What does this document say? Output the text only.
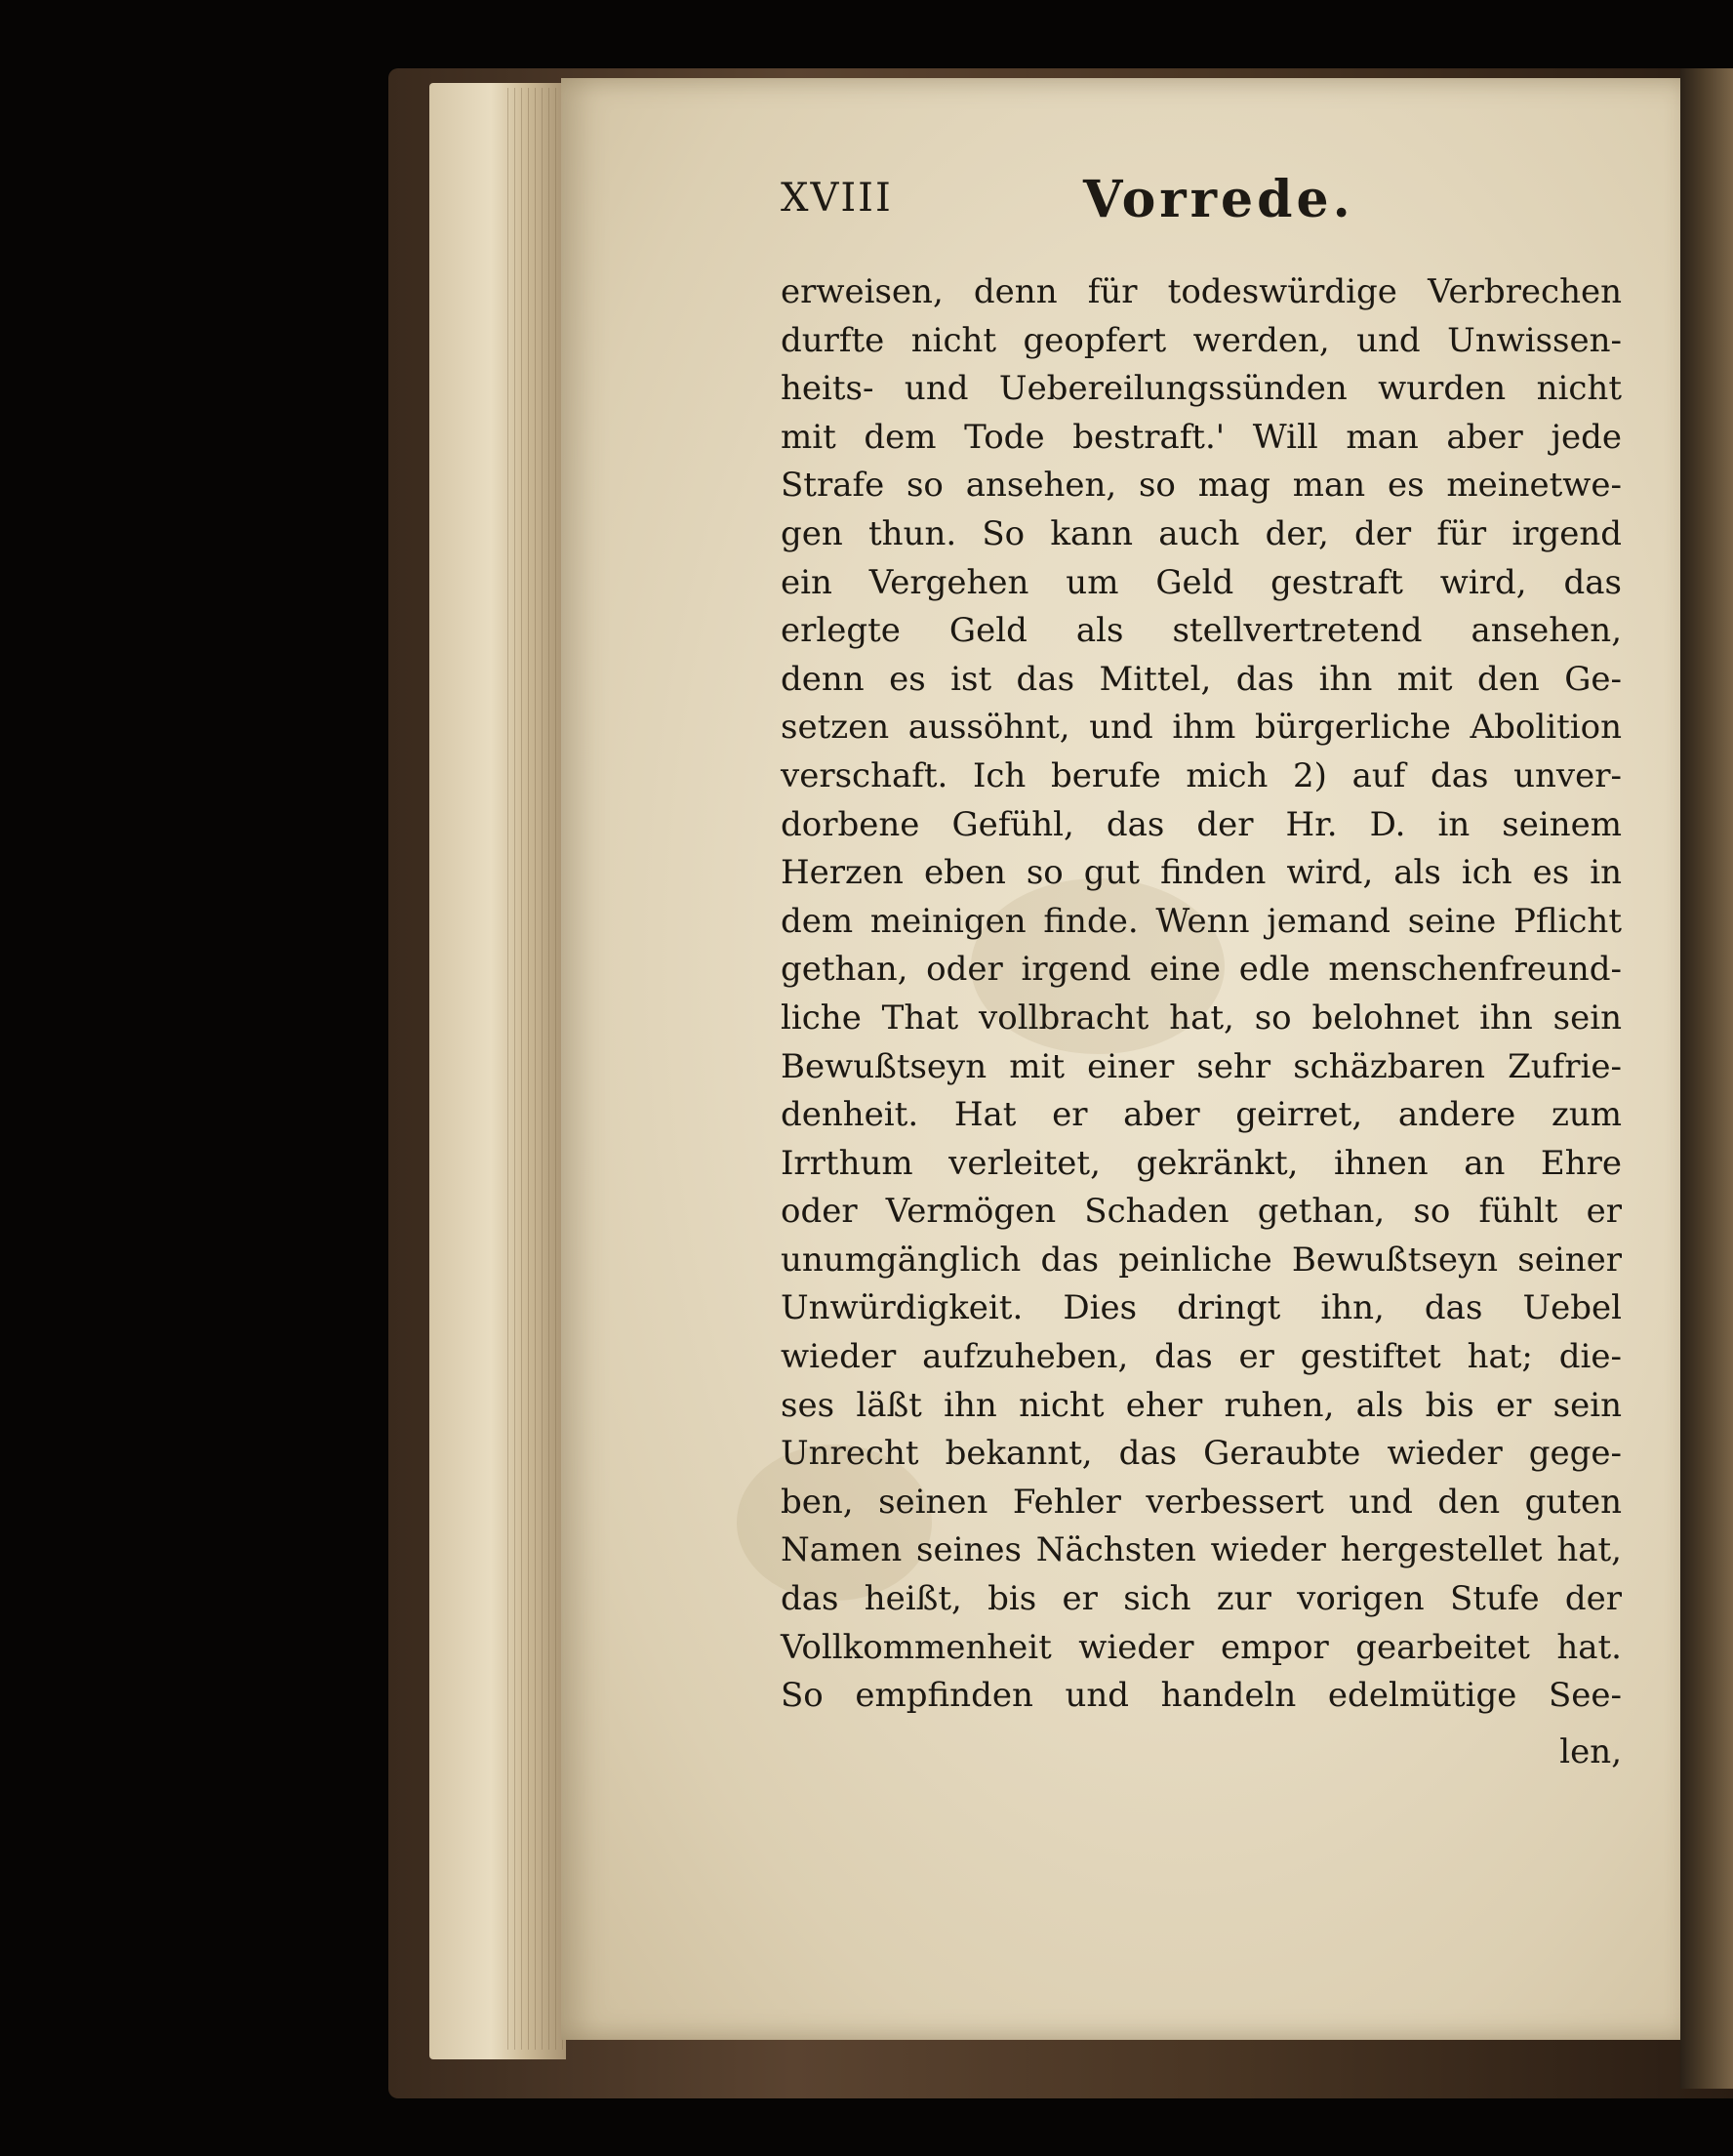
XVIII	Vorrede.
erweisen, denn für todeswürdige Verbrechen
durfte nicht geopfert werden, und Unwissen-
heits- und Uebereilungssünden wurden nicht
mit dem Tode bestraft.' Will man aber jede
Strafe so ansehen, so mag man es meinetwe-
gen thun. So kann auch der, der für irgend
ein Vergehen um Geld gestraft wird, das
erlegte Geld als stellvertretend ansehen,
denn es ist das Mittel, das ihn mit den Ge-
setzen aussöhnt, und ihm bürgerliche Abolition
verschaft. Ich berufe mich 2) auf das unver-
dorbene Gefühl, das der Hr. D. in seinem
Herzen eben so gut finden wird, als ich es in
dem meinigen finde. Wenn jemand seine Pflicht
gethan, oder irgend eine edle menschenfreund-
liche That vollbracht hat, so belohnet ihn sein
Bewußtseyn mit einer sehr schäzbaren Zufrie-
denheit. Hat er aber geirret, andere zum
Irrthum verleitet, gekränkt, ihnen an Ehre
oder Vermögen Schaden gethan, so fühlt er
unumgänglich das peinliche Bewußtseyn seiner
Unwürdigkeit. Dies dringt ihn, das Uebel
wieder aufzuheben, das er gestiftet hat; die-
ses läßt ihn nicht eher ruhen, als bis er sein
Unrecht bekannt, das Geraubte wieder gege-
ben, seinen Fehler verbessert und den guten
Namen seines Nächsten wieder hergestellet hat,
das heißt, bis er sich zur vorigen Stufe der
Vollkommenheit wieder empor gearbeitet hat.
So empfinden und handeln edelmütige See-
len,
